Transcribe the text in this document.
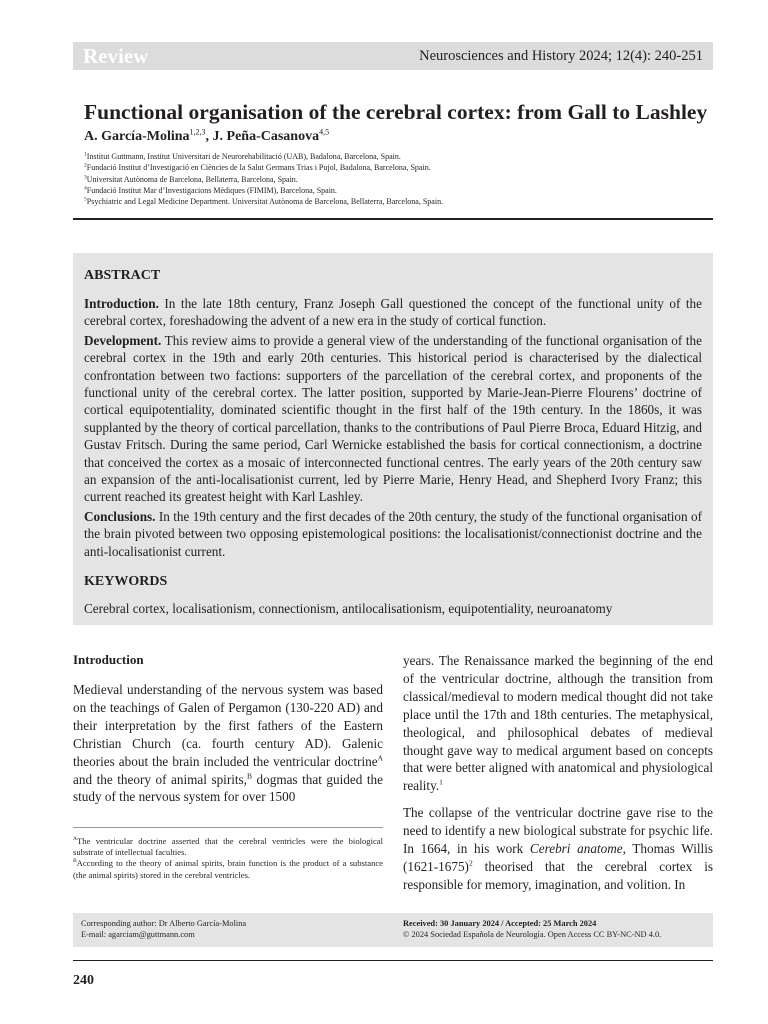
Review	Neurosciences and History 2024; 12(4): 240-251
Functional organisation of the cerebral cortex: from Gall to Lashley
A. García-Molina$^{1,2,3}$, J. Peña-Casanova$^{4,5}$
$^1$Institut Guttmann, Institut Universitari de Neurorehabilitació (UAB), Badalona, Barcelona, Spain.
$^2$Fundació Institut d’Investigació en Ciències de la Salut Germans Trias i Pujol, Badalona, Barcelona, Spain.
$^3$Universitat Autònoma de Barcelona, Bellaterra, Barcelona, Spain.
$^4$Fundació Institut Mar d’Investigacions Mèdiques (FIMIM), Barcelona, Spain.
$^5$Psychiatric and Legal Medicine Department. Universitat Autònoma de Barcelona, Bellaterra, Barcelona, Spain.
ABSTRACT

Introduction. In the late 18th century, Franz Joseph Gall questioned the concept of the functional unity of the cerebral cortex, foreshadowing the advent of a new era in the study of cortical function.

Development. This review aims to provide a general view of the understanding of the functional organisation of the cerebral cortex in the 19th and early 20th centuries. This historical period is characterised by the dialectical confrontation between two factions: supporters of the parcellation of the cerebral cortex, and proponents of the functional unity of the cerebral cortex. The latter position, supported by Marie-Jean-Pierre Flourens’ doctrine of cortical equipotentiality, dominated scientific thought in the first half of the 19th century. In the 1860s, it was supplanted by the theory of cortical parcellation, thanks to the contributions of Paul Pierre Broca, Eduard Hitzig, and Gustav Fritsch. During the same period, Carl Wernicke established the basis for cortical connectionism, a doctrine that conceived the cortex as a mosaic of interconnected functional centres. The early years of the 20th century saw an expansion of the anti-localisationist current, led by Pierre Marie, Henry Head, and Shepherd Ivory Franz; this current reached its greatest height with Karl Lashley.

Conclusions. In the 19th century and the first decades of the 20th century, the study of the functional organisation of the brain pivoted between two opposing epistemological positions: the localisationist/connectionist doctrine and the anti-localisationist current.

KEYWORDS
Cerebral cortex, localisationism, connectionism, antilocalisationism, equipotentiality, neuroanatomy
Introduction

Medieval understanding of the nervous system was based on the teachings of Galen of Pergamon (130-220 AD) and their interpretation by the first fathers of the Eastern Christian Church (ca. fourth century AD). Galenic theories about the brain included the ventricular doctrine$^A$ and the theory of animal spirits,$^B$ dogmas that guided the study of the nervous system for over 1500

years. The Renaissance marked the beginning of the end of the ventricular doctrine, although the transition from classical/medieval to modern medical thought did not take place until the 17th and 18th centuries. The metaphysical, theological, and philosophical debates of medieval thought gave way to medical argument based on concepts that were better aligned with anatomical and physiological reality.$^1$

The collapse of the ventricular doctrine gave rise to the need to identify a new biological substrate for psychic life. In 1664, in his work Cerebri anatome, Thomas Willis (1621-1675)$^2$ theorised that the cerebral cortex is responsible for memory, imagination, and volition. In

$^A$The ventricular doctrine asserted that the cerebral ventricles were the biological substrate of intellectual faculties.
$^B$According to the theory of animal spirits, brain function is the product of a substance (the animal spirits) stored in the cerebral ventricles.
Corresponding author: Dr Alberto García-Molina
E-mail: agarciam@guttmann.com
Received: 30 January 2024 / Accepted: 25 March 2024
© 2024 Sociedad Española de Neurología. Open Access CC BY-NC-ND 4.0.
240
